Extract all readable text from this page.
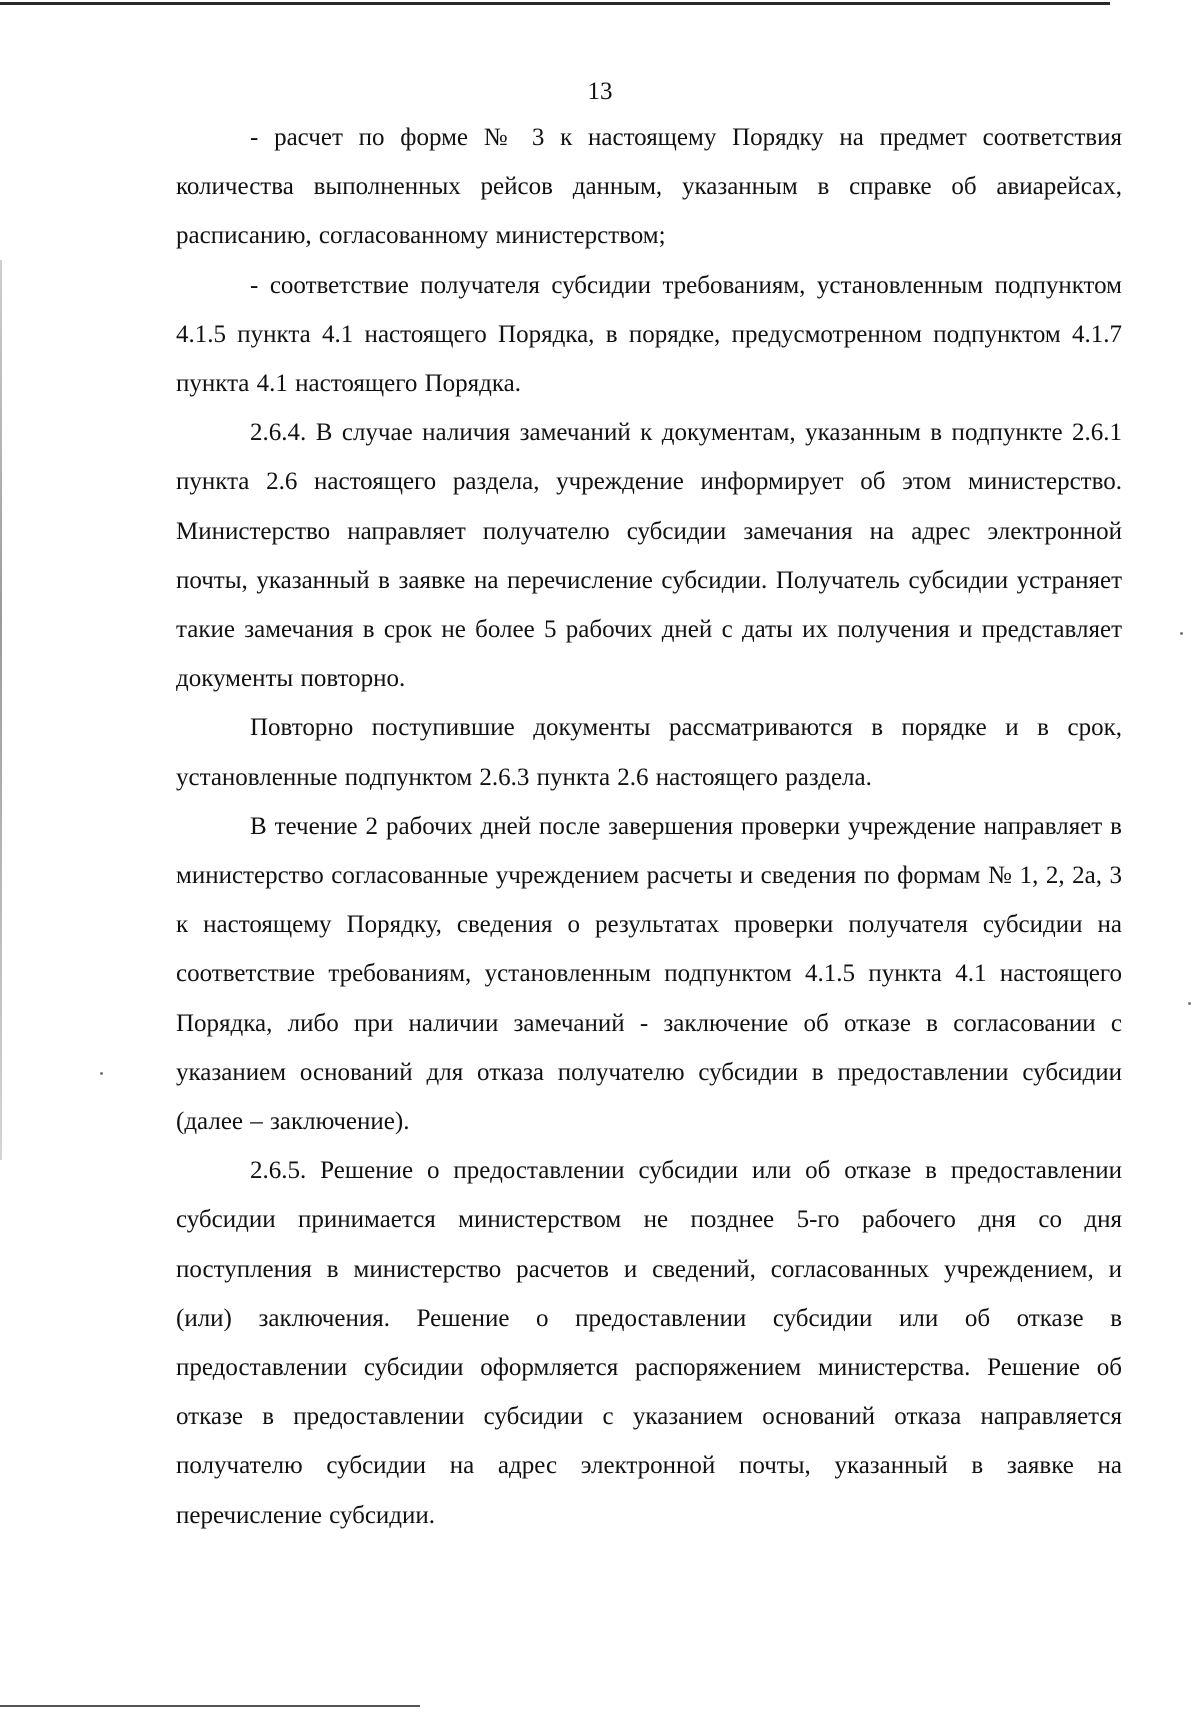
13

- расчет по форме № 3 к настоящему Порядку на предмет соответствия количества выполненных рейсов данным, указанным в справке об авиарейсах, расписанию, согласованному министерством;

- соответствие получателя субсидии требованиям, установленным подпунктом 4.1.5 пункта 4.1 настоящего Порядка, в порядке, предусмотренном подпунктом 4.1.7 пункта 4.1 настоящего Порядка.

2.6.4. В случае наличия замечаний к документам, указанным в подпункте 2.6.1 пункта 2.6 настоящего раздела, учреждение информирует об этом министерство. Министерство направляет получателю субсидии замечания на адрес электронной почты, указанный в заявке на перечисление субсидии. Получатель субсидии устраняет такие замечания в срок не более 5 рабочих дней с даты их получения и представляет документы повторно.

Повторно поступившие документы рассматриваются в порядке и в срок, установленные подпунктом 2.6.3 пункта 2.6 настоящего раздела.

В течение 2 рабочих дней после завершения проверки учреждение направляет в министерство согласованные учреждением расчеты и сведения по формам № 1, 2, 2а, 3 к настоящему Порядку, сведения о результатах проверки получателя субсидии на соответствие требованиям, установленным подпунктом 4.1.5 пункта 4.1 настоящего Порядка, либо при наличии замечаний - заключение об отказе в согласовании с указанием оснований для отказа получателю субсидии в предоставлении субсидии (далее – заключение).

2.6.5. Решение о предоставлении субсидии или об отказе в предоставлении субсидии принимается министерством не позднее 5-го рабочего дня со дня поступления в министерство расчетов и сведений, согласованных учреждением, и (или) заключения. Решение о предоставлении субсидии или об отказе в предоставлении субсидии оформляется распоряжением министерства. Решение об отказе в предоставлении субсидии с указанием оснований отказа направляется получателю субсидии на адрес электронной почты, указанный в заявке на перечисление субсидии.
